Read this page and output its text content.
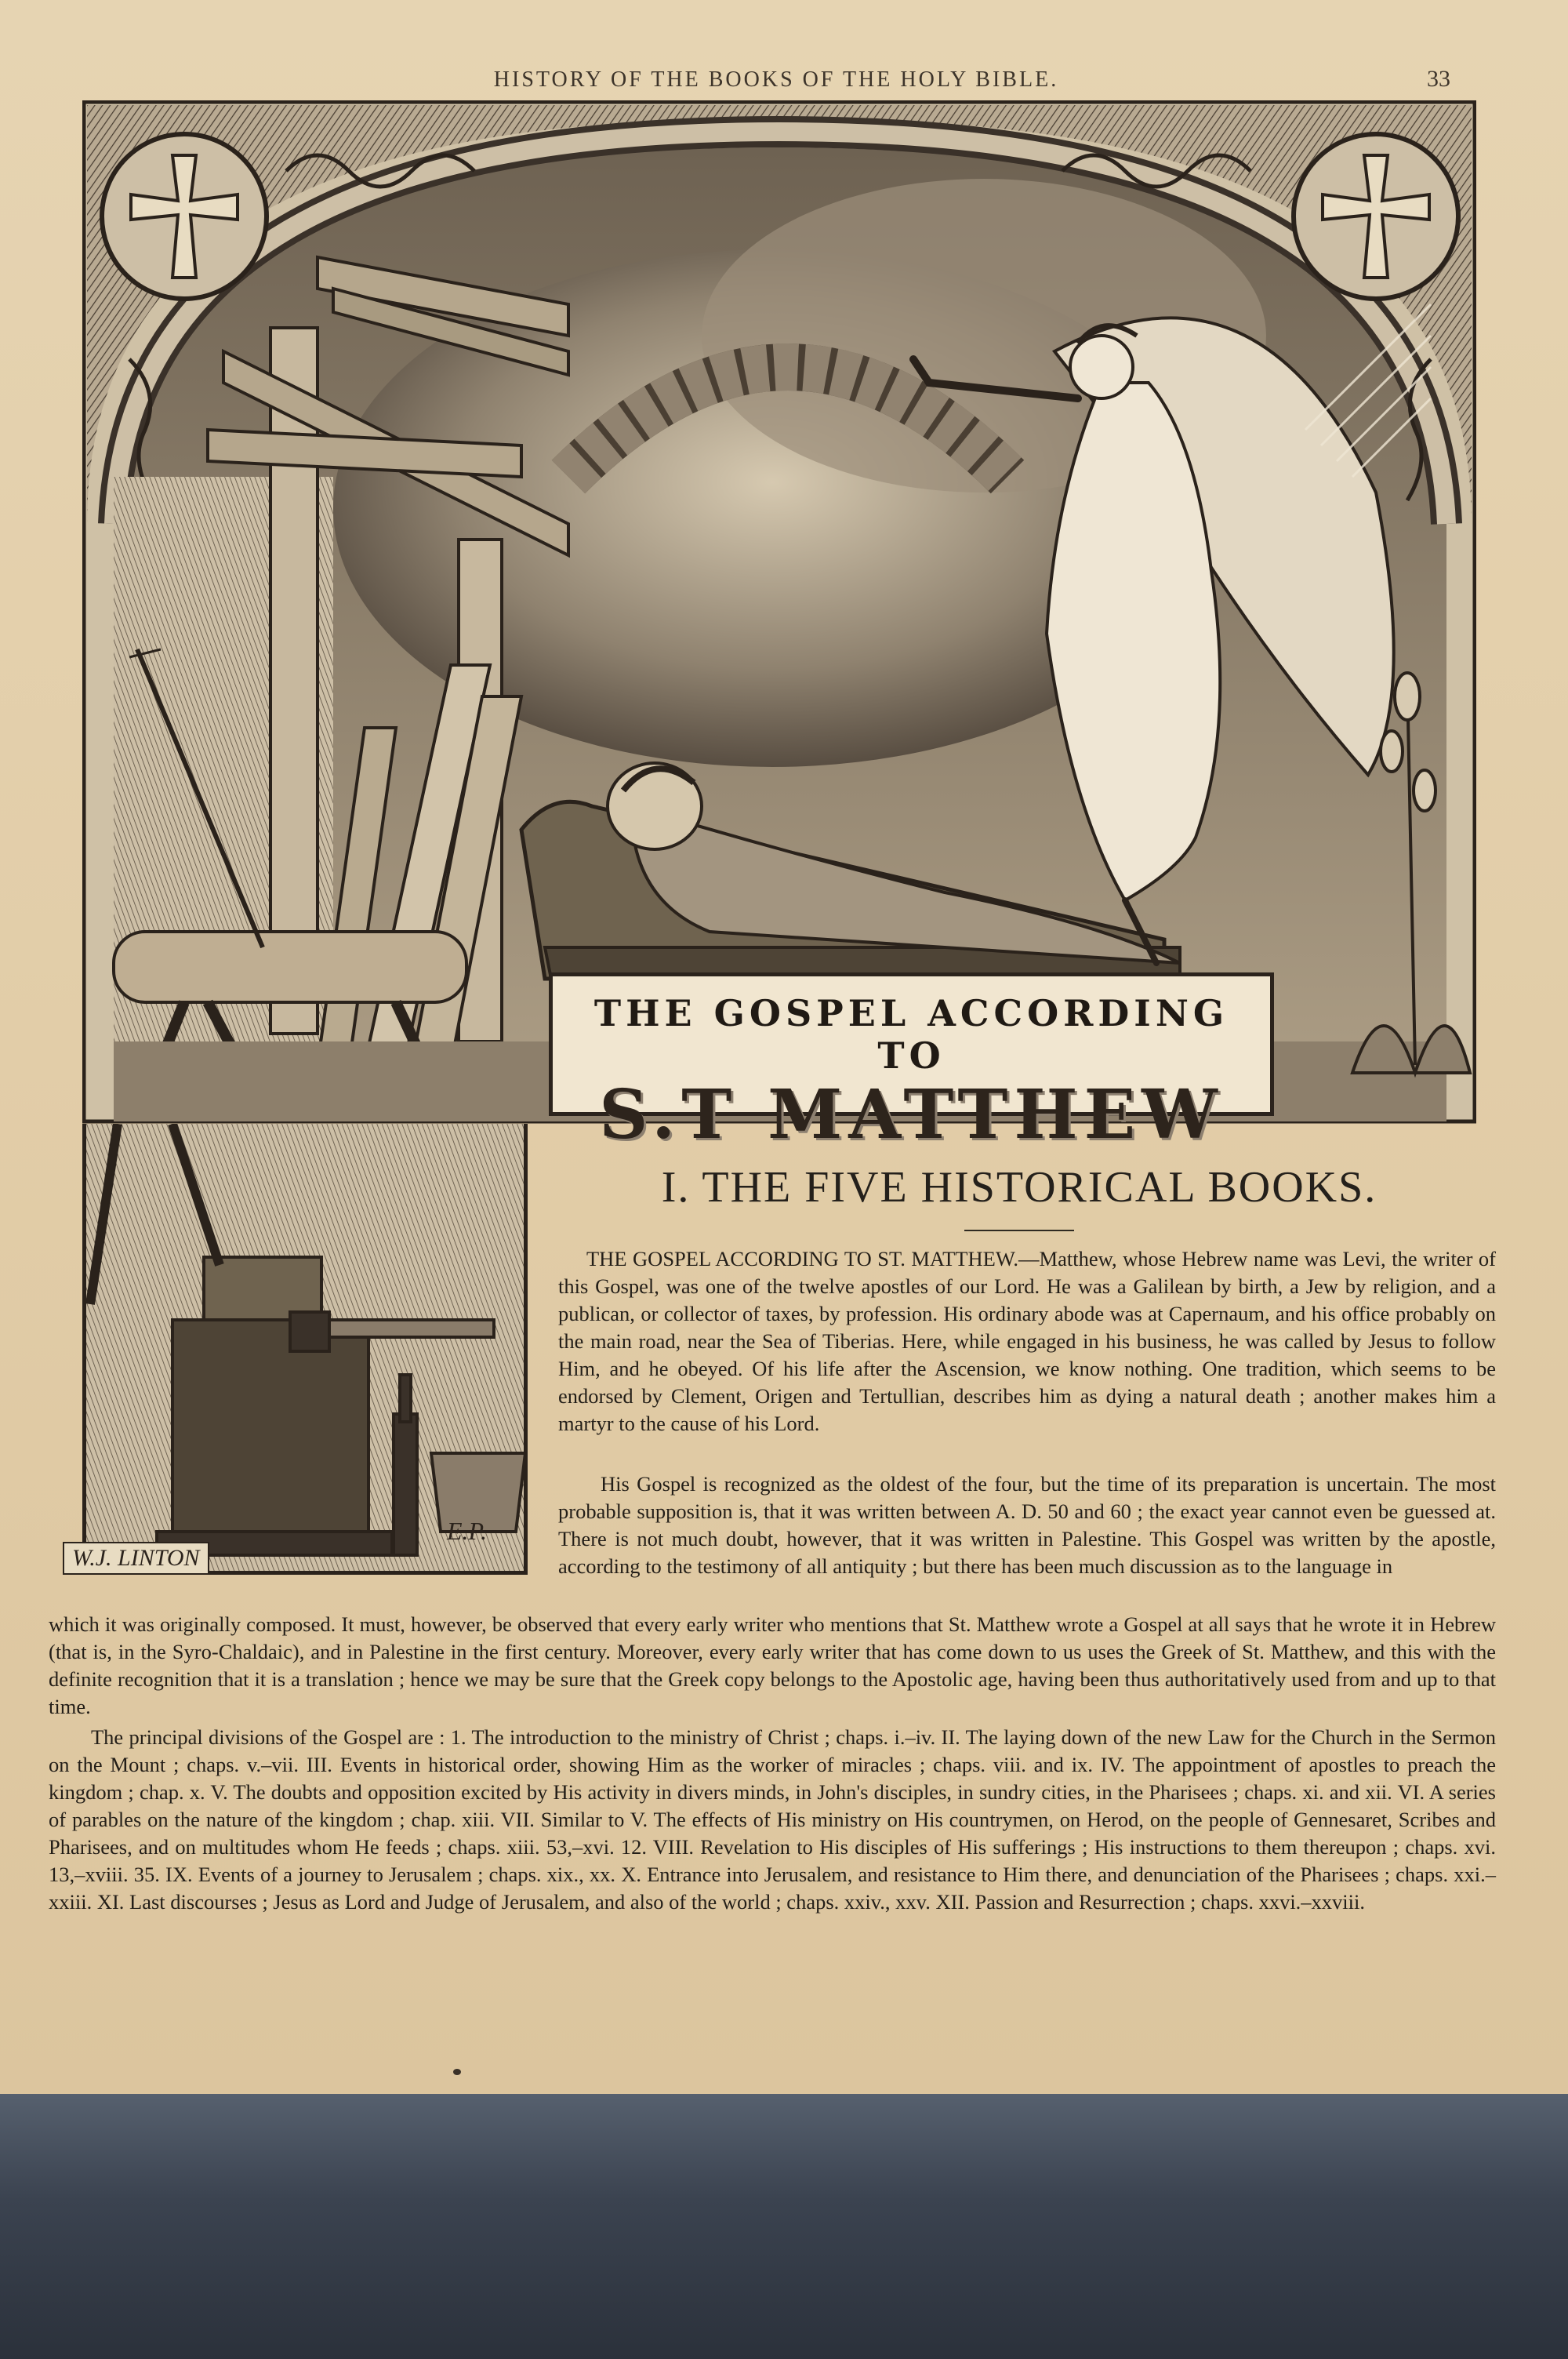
HISTORY OF THE BOOKS OF THE HOLY BIBLE.	33
THE GOSPEL ACCORDING TO
S.T MATTHEW
W.J. LINTON
E.P.
I. THE FIVE HISTORICAL BOOKS.

THE GOSPEL ACCORDING TO ST. MATTHEW.—Matthew, whose Hebrew name was Levi, the writer of this Gospel, was one of the twelve apostles of our Lord. He was a Galilean by birth, a Jew by religion, and a publican, or collector of taxes, by profession. His ordinary abode was at Capernaum, and his office probably on the main road, near the Sea of Tiberias. Here, while engaged in his business, he was called by Jesus to follow Him, and he obeyed. Of his life after the Ascension, we know nothing. One tradition, which seems to be endorsed by Clement, Origen and Tertullian, describes him as dying a natural death ; another makes him a martyr to the cause of his Lord.

His Gospel is recognized as the oldest of the four, but the time of its preparation is uncertain. The most probable supposition is, that it was written between A. D. 50 and 60 ; the exact year cannot even be guessed at. There is not much doubt, however, that it was written in Palestine. This Gospel was written by the apostle, according to the testimony of all antiquity ; but there has been much discussion as to the language in

which it was originally composed. It must, however, be observed that every early writer who mentions that St. Matthew wrote a Gospel at all says that he wrote it in Hebrew (that is, in the Syro-Chaldaic), and in Palestine in the first century. Moreover, every early writer that has come down to us uses the Greek of St. Matthew, and this with the definite recognition that it is a translation ; hence we may be sure that the Greek copy belongs to the Apostolic age, having been thus authoritatively used from and up to that time.

The principal divisions of the Gospel are : 1. The introduction to the ministry of Christ ; chaps. i.–iv. II. The laying down of the new Law for the Church in the Sermon on the Mount ; chaps. v.–vii. III. Events in historical order, showing Him as the worker of miracles ; chaps. viii. and ix. IV. The appointment of apostles to preach the kingdom ; chap. x. V. The doubts and opposition excited by His activity in divers minds, in John's disciples, in sundry cities, in the Pharisees ; chaps. xi. and xii. VI. A series of parables on the nature of the kingdom ; chap. xiii. VII. Similar to V. The effects of His ministry on His countrymen, on Herod, on the people of Gennesaret, Scribes and Pharisees, and on multitudes whom He feeds ; chaps. xiii. 53,–xvi. 12. VIII. Revelation to His disciples of His sufferings ; His instructions to them thereupon ; chaps. xvi. 13,–xviii. 35. IX. Events of a journey to Jerusalem ; chaps. xix., xx. X. Entrance into Jerusalem, and resistance to Him there, and denunciation of the Pharisees ; chaps. xxi.–xxiii. XI. Last discourses ; Jesus as Lord and Judge of Jerusalem, and also of the world ; chaps. xxiv., xxv. XII. Passion and Resurrection ; chaps. xxvi.–xxviii.
